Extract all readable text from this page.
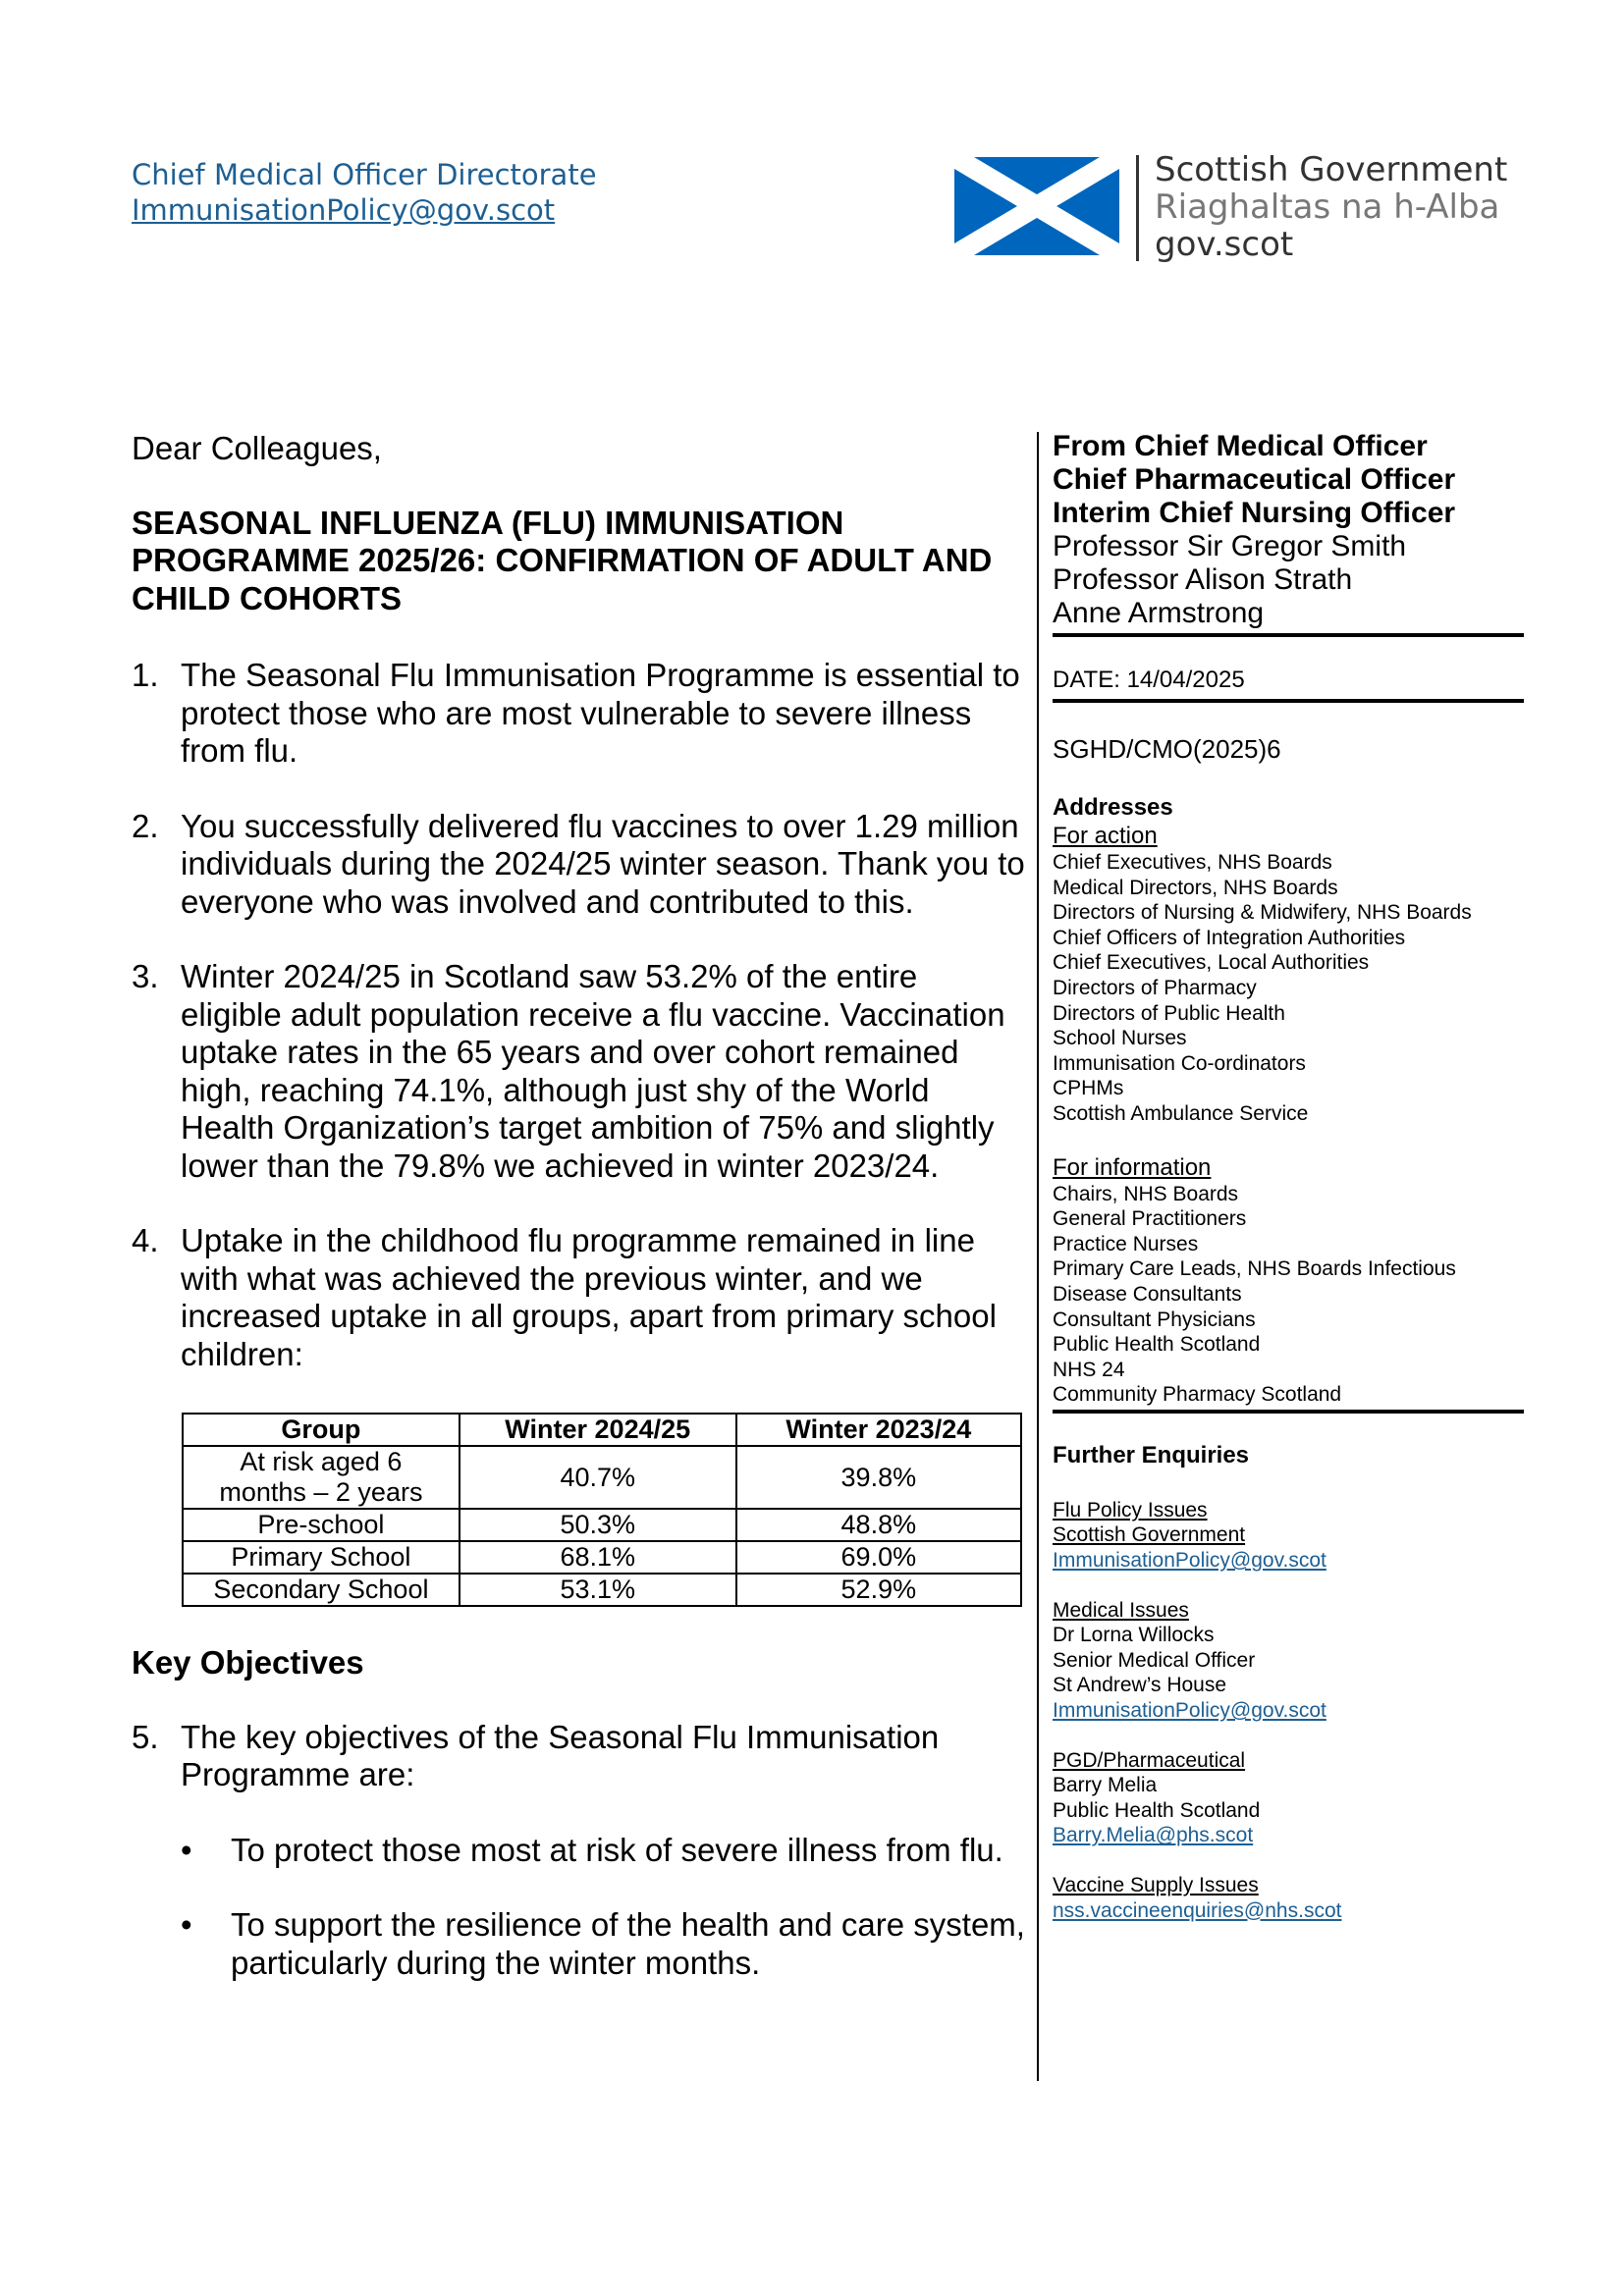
Chief Medical Officer Directorate
ImmunisationPolicy@gov.scot
Scottish Government
Riaghaltas na h-Alba
gov.scot
Dear Colleagues,
SEASONAL INFLUENZA (FLU) IMMUNISATION PROGRAMME 2025/26: CONFIRMATION OF ADULT AND CHILD COHORTS
1. The Seasonal Flu Immunisation Programme is essential to protect those who are most vulnerable to severe illness from flu.
2. You successfully delivered flu vaccines to over 1.29 million individuals during the 2024/25 winter season. Thank you to everyone who was involved and contributed to this.
3. Winter 2024/25 in Scotland saw 53.2% of the entire eligible adult population receive a flu vaccine. Vaccination uptake rates in the 65 years and over cohort remained high, reaching 74.1%, although just shy of the World Health Organization’s target ambition of 75% and slightly lower than the 79.8% we achieved in winter 2023/24.
4. Uptake in the childhood flu programme remained in line with what was achieved the previous winter, and we increased uptake in all groups, apart from primary school children:
Group	Winter 2024/25	Winter 2023/24
At risk aged 6 months – 2 years	40.7%	39.8%
Pre-school	50.3%	48.8%
Primary School	68.1%	69.0%
Secondary School	53.1%	52.9%
Key Objectives
5. The key objectives of the Seasonal Flu Immunisation Programme are:
• To protect those most at risk of severe illness from flu.
• To support the resilience of the health and care system, particularly during the winter months.
From Chief Medical Officer
Chief Pharmaceutical Officer
Interim Chief Nursing Officer
Professor Sir Gregor Smith
Professor Alison Strath
Anne Armstrong
DATE: 14/04/2025
SGHD/CMO(2025)6
Addresses
For action
Chief Executives, NHS Boards
Medical Directors, NHS Boards
Directors of Nursing & Midwifery, NHS Boards
Chief Officers of Integration Authorities
Chief Executives, Local Authorities
Directors of Pharmacy
Directors of Public Health
School Nurses
Immunisation Co-ordinators
CPHMs
Scottish Ambulance Service
For information
Chairs, NHS Boards
General Practitioners
Practice Nurses
Primary Care Leads, NHS Boards Infectious
Disease Consultants
Consultant Physicians
Public Health Scotland
NHS 24
Community Pharmacy Scotland
Further Enquiries
Flu Policy Issues
Scottish Government
ImmunisationPolicy@gov.scot
Medical Issues
Dr Lorna Willocks
Senior Medical Officer
St Andrew’s House
ImmunisationPolicy@gov.scot
PGD/Pharmaceutical
Barry Melia
Public Health Scotland
Barry.Melia@phs.scot
Vaccine Supply Issues
nss.vaccineenquiries@nhs.scot
